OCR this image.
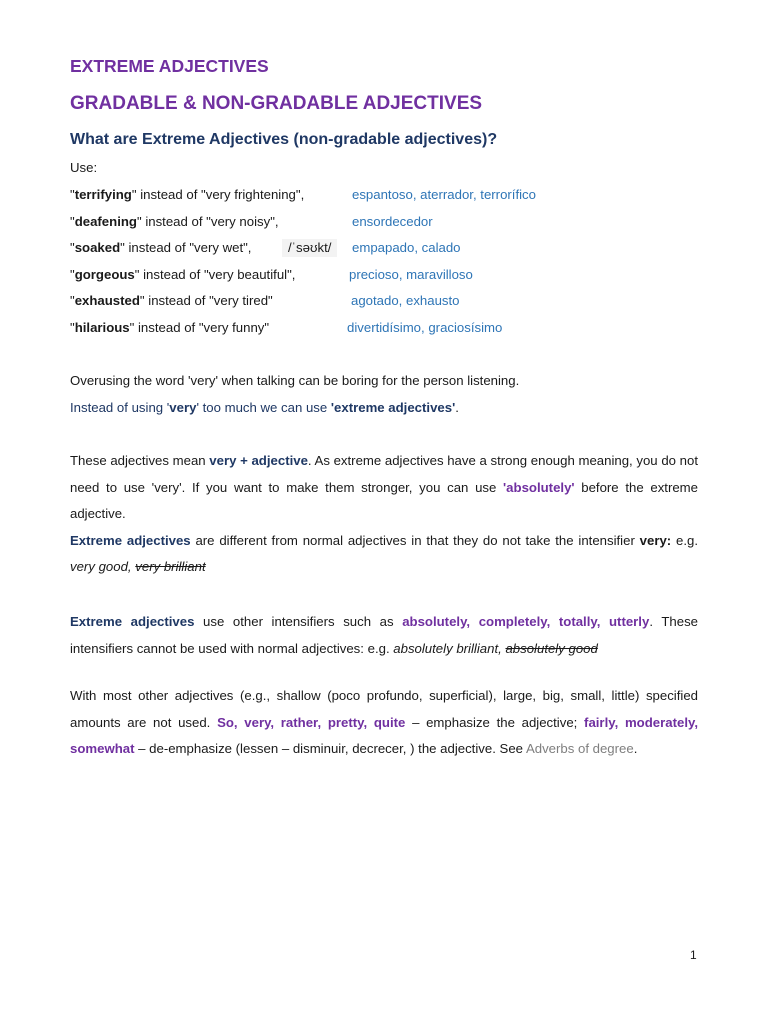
EXTREME ADJECTIVES
GRADABLE & NON-GRADABLE ADJECTIVES
What are Extreme Adjectives (non-gradable adjectives)?
Use:
"terrifying" instead of "very frightening",	espantoso, aterrador, terrorífico
"deafening" instead of "very noisy",	ensordecedor
"soaked" instead of "very wet",	/ˈsəʊkt/	empapado, calado
"gorgeous" instead of "very beautiful",	precioso, maravilloso
"exhausted" instead of "very tired"	agotado, exhausto
"hilarious" instead of "very funny"	divertidísimo, graciosísimo
Overusing the word 'very' when talking can be boring for the person listening.
Instead of using 'very' too much we can use 'extreme adjectives'.

These adjectives mean very + adjective. As extreme adjectives have a strong enough meaning, you do not need to use 'very'. If you want to make them stronger, you can use 'absolutely' before the extreme adjective.

Extreme adjectives are different from normal adjectives in that they do not take the intensifier very: e.g. very good, very brilliant

Extreme adjectives use other intensifiers such as absolutely, completely, totally, utterly. These intensifiers cannot be used with normal adjectives: e.g. absolutely brilliant, absolutely good

With most other adjectives (e.g., shallow (poco profundo, superficial), large, big, small, little) specified amounts are not used. So, very, rather, pretty, quite – emphasize the adjective; fairly, moderately, somewhat – de-emphasize (lessen – disminuir, decrecer, ) the adjective. See Adverbs of degree.

1
